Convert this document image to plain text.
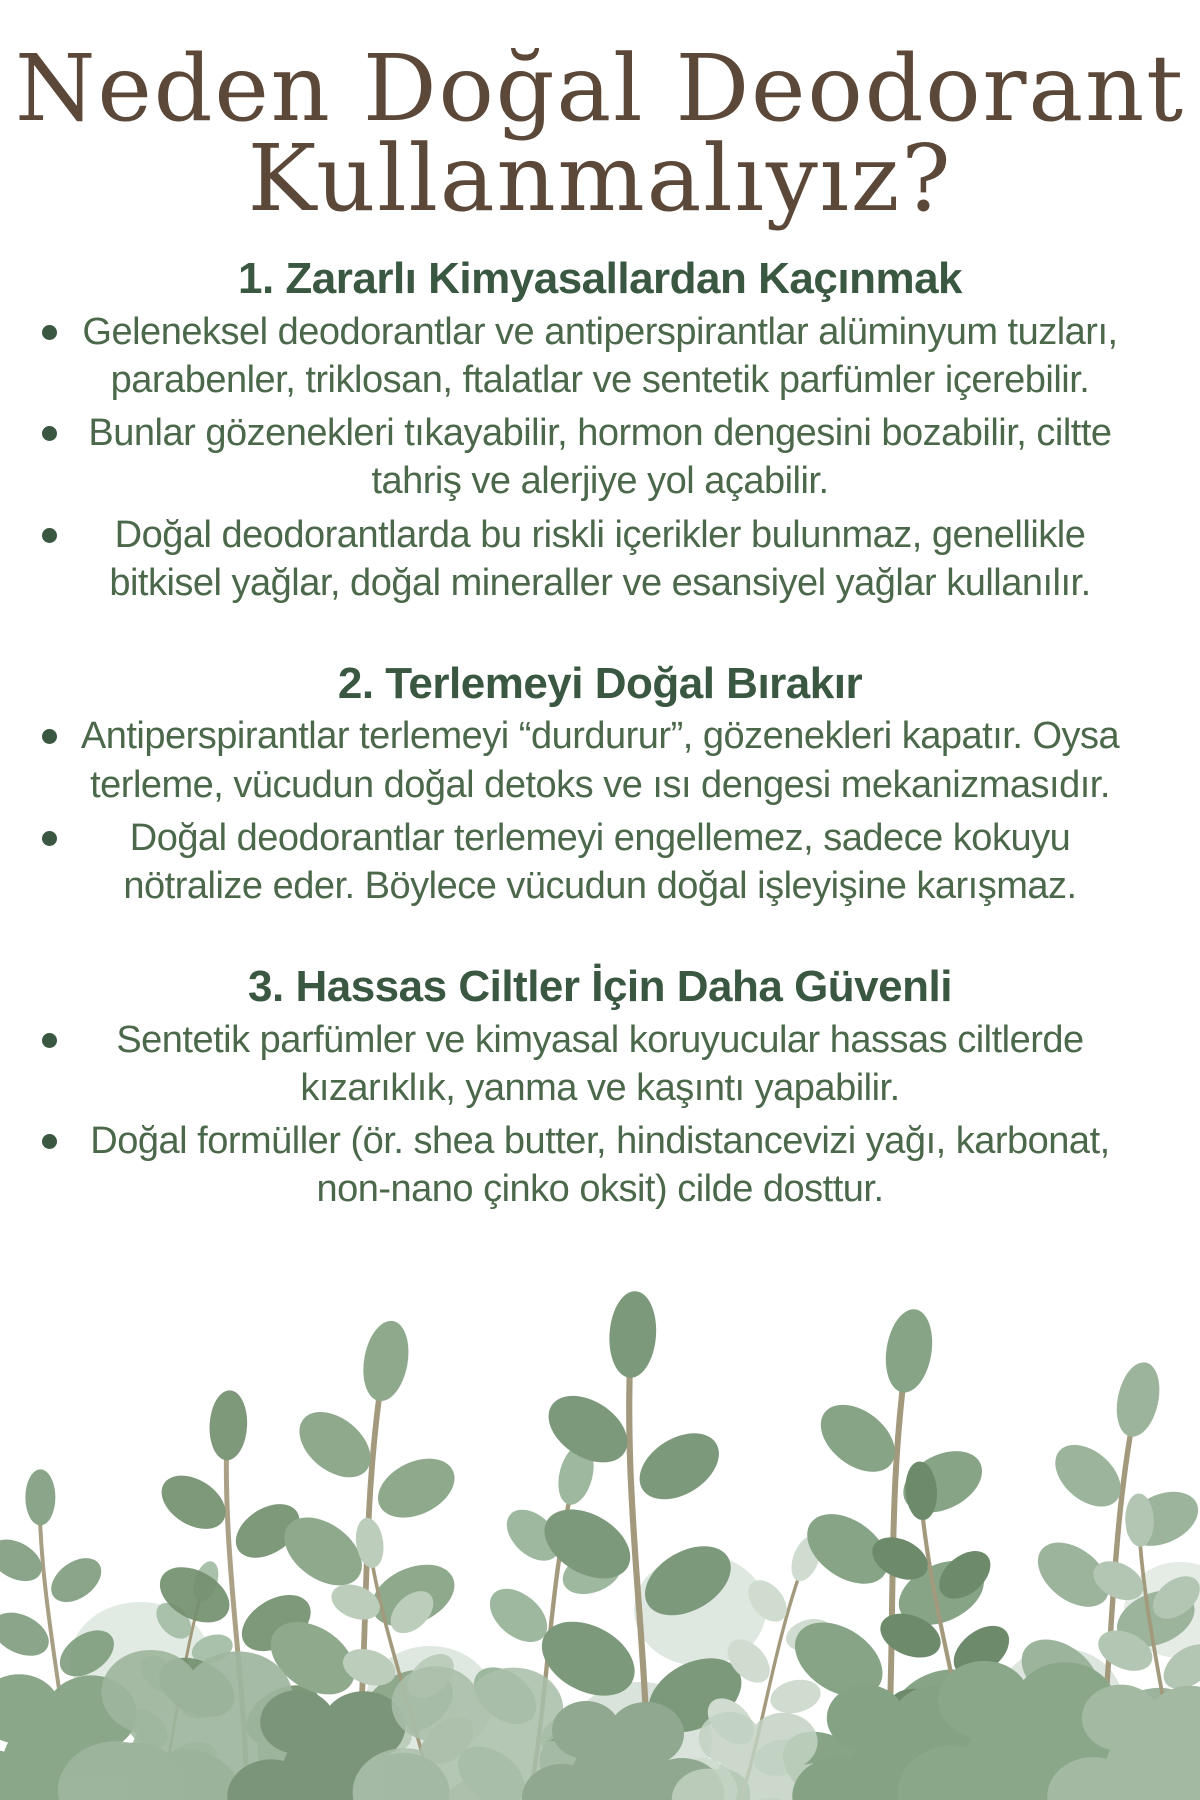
Neden Doğal Deodorant
Kullanmalıyız?
1. Zararlı Kimyasallardan Kaçınmak
Geleneksel deodorantlar ve antiperspirantlar alüminyum tuzları, parabenler, triklosan, ftalatlar ve sentetik parfümler içerebilir.
Bunlar gözenekleri tıkayabilir, hormon dengesini bozabilir, ciltte tahriş ve alerjiye yol açabilir.
Doğal deodorantlarda bu riskli içerikler bulunmaz, genellikle bitkisel yağlar, doğal mineraller ve esansiyel yağlar kullanılır.
2. Terlemeyi Doğal Bırakır
Antiperspirantlar terlemeyi “durdurur”, gözenekleri kapatır. Oysa terleme, vücudun doğal detoks ve ısı dengesi mekanizmasıdır.
Doğal deodorantlar terlemeyi engellemez, sadece kokuyu nötralize eder. Böylece vücudun doğal işleyişine karışmaz.
3. Hassas Ciltler İçin Daha Güvenli
Sentetik parfümler ve kimyasal koruyucular hassas ciltlerde kızarıklık, yanma ve kaşıntı yapabilir.
Doğal formüller (ör. shea butter, hindistancevizi yağı, karbonat, non-nano çinko oksit) cilde dosttur.
